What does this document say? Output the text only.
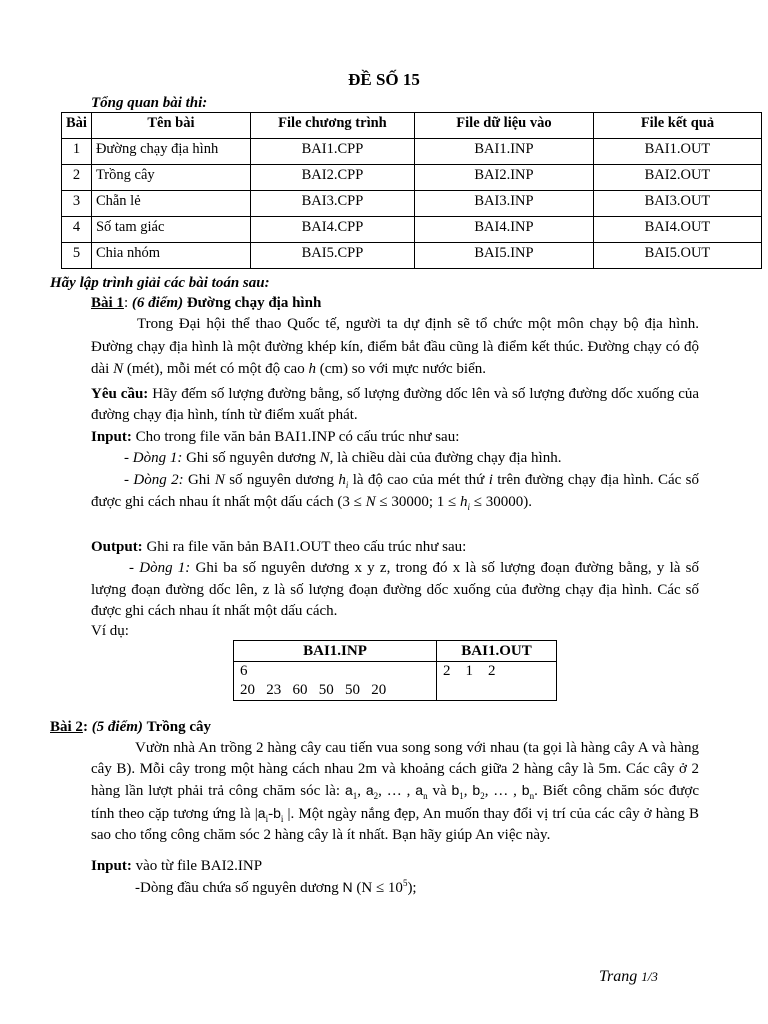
ĐỀ SỐ 15
Tổng quan bài thi:
Bài	Tên bài	File chương trình	File dữ liệu vào	File kết quả
1	Đường chạy địa hình	BAI1.CPP	BAI1.INP	BAI1.OUT
2	Trồng cây	BAI2.CPP	BAI2.INP	BAI2.OUT
3	Chẵn lẻ	BAI3.CPP	BAI3.INP	BAI3.OUT
4	Số tam giác	BAI4.CPP	BAI4.INP	BAI4.OUT
5	Chia nhóm	BAI5.CPP	BAI5.INP	BAI5.OUT
Hãy lập trình giải các bài toán sau:
Bài 1: (6 điểm) Đường chạy địa hình
Trong Đại hội thể thao Quốc tế, người ta dự định sẽ tổ chức một môn chạy bộ địa hình. Đường chạy địa hình là một đường khép kín, điểm bắt đầu cũng là điểm kết thúc. Đường chạy có độ dài N (mét), mỗi mét có một độ cao h (cm) so với mực nước biển.
Yêu cầu: Hãy đếm số lượng đường bằng, số lượng đường dốc lên và số lượng đường dốc xuống của đường chạy địa hình, tính từ điểm xuất phát.
Input: Cho trong file văn bản BAI1.INP có cấu trúc như sau:
- Dòng 1: Ghi số nguyên dương N, là chiều dài của đường chạy địa hình.
- Dòng 2: Ghi N số nguyên dương $h_i$ là độ cao của mét thứ i trên đường chạy địa hình. Các số được ghi cách nhau ít nhất một dấu cách (3 ≤ N ≤ 30000; $1 \le h_i \le 30000$).
Output: Ghi ra file văn bản BAI1.OUT theo cấu trúc như sau:
- Dòng 1: Ghi ba số nguyên dương x y z, trong đó x là số lượng đoạn đường bằng, y là số lượng đoạn đường dốc lên, z là số lượng đoạn đường dốc xuống của đường chạy địa hình. Các số được ghi cách nhau ít nhất một dấu cách.
Ví dụ:
BAI1.INP	BAI1.OUT

6
20   23   60   50   50   20	2    1    2
Bài 2: (5 điểm) Trồng cây
Vườn nhà An trồng 2 hàng cây cau tiến vua song song với nhau (ta gọi là hàng cây A và hàng cây B). Mỗi cây trong một hàng cách nhau 2m và khoảng cách giữa 2 hàng cây là 5m. Các cây ở 2 hàng lần lượt phải trả công chăm sóc là: $a_1$, $a_2$, … , $a_n$ và $b_1$, $b_2$, … , $b_n$. Biết công chăm sóc được tính theo cặp tương ứng là $|a_i-b_i$ |. Một ngày nắng đẹp, An muốn thay đổi vị trí của các cây ở hàng B sao cho tổng công chăm sóc 2 hàng cây là ít nhất. Bạn hãy giúp An việc này.
Input: vào từ file BAI2.INP
-Dòng đầu chứa số nguyên dương N $(N \le 10^5)$;
Trang 1/3
